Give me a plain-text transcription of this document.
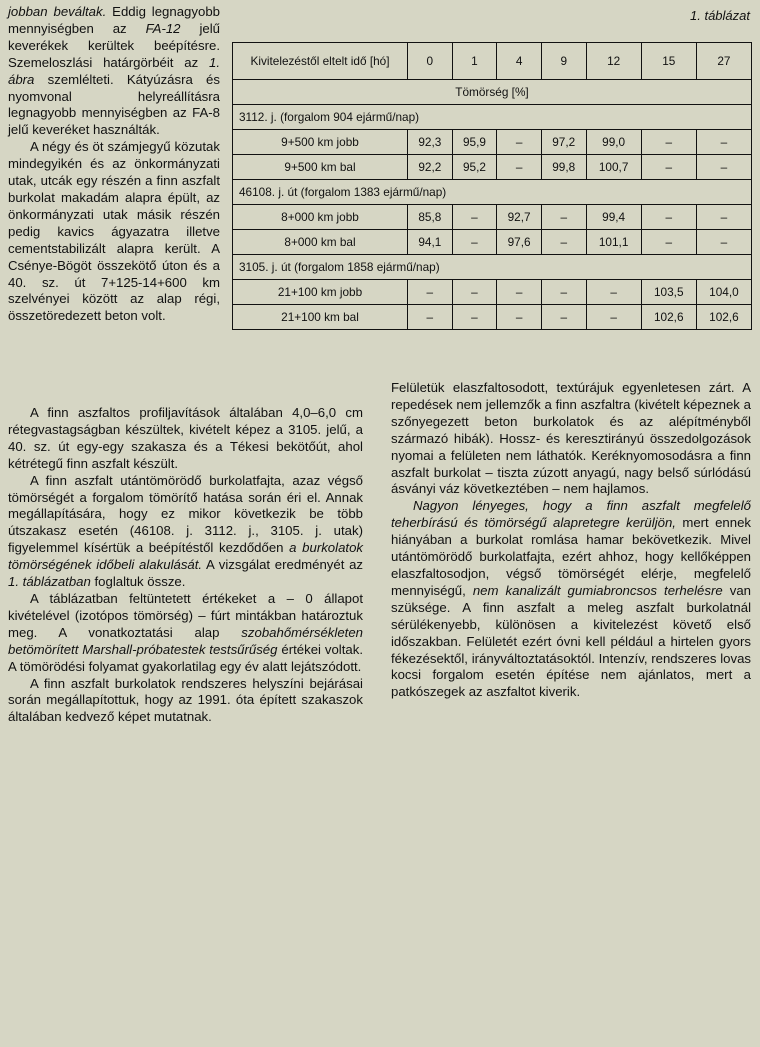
jobban beváltak. Eddig legnagyobb mennyiségben az FA-12 jelű keverékek kerültek beépítésre. Szemeloszlási határgörbéit az 1. ábra szemlélteti. Kátyúzásra és nyomvonal helyreállításra legnagyobb mennyiségben az FA-8 jelű keveréket használták.

A négy és öt számjegyű közutak mindegyikén és az önkormányzati utak, utcák egy részén a finn aszfalt burkolat makadám alapra épült, az önkormányzati utak másik részén pedig kavics ágyazatra illetve cementstabilizált alapra került. A Csénye-Bögöt összekötő úton és a 40. sz. út 7+125-14+600 km szelvényei között az alap régi, összetöredezett beton volt.

1. táblázat
Kivitelezéstől eltelt idő [hó]	0	1	4	9	12	15	27
Tömörség [%]							
3112. j. (forgalom 904 ejármű/nap)							
9+500 km jobb	92,3	95,9	–	97,2	99,0	–	–
9+500 km bal	92,2	95,2	–	99,8	100,7	–	–
46108. j. út (forgalom 1383 ejármű/nap)							
8+000 km jobb	85,8	–	92,7	–	99,4	–	–
8+000 km bal	94,1	–	97,6	–	101,1	–	–
3105. j. út (forgalom 1858 ejármű/nap)							
21+100 km jobb	–	–	–	–	–	103,5	104,0
21+100 km bal	–	–	–	–	–	102,6	102,6

A finn aszfaltos profiljavítások általában 4,0–6,0 cm rétegvastagságban készültek, kivételt képez a 3105. jelű, a 40. sz. út egy-egy szakasza és a Tékesi bekötőút, ahol kétrétegű finn aszfalt készült.

A finn aszfalt utántömörödő burkolatfajta, azaz végső tömörségét a forgalom tömörítő hatása során éri el. Annak megállapítására, hogy ez mikor következik be több útszakasz esetén (46108. j. 3112. j., 3105. j. utak) figyelemmel kísértük a beépítéstől kezdődően a burkolatok tömörségének időbeli alakulását. A vizsgálat eredményét az 1. táblázatban foglaltuk össze.

A táblázatban feltüntetett értékeket a – 0 állapot kivételével (izotópos tömörség) – fúrt mintákban határoztuk meg. A vonatkoztatási alap szobahőmérsékleten betömörített Marshall-próbatestek testsűrűség értékei voltak. A tömörödési folyamat gyakorlatilag egy év alatt lejátszódott.

A finn aszfalt burkolatok rendszeres helyszíni bejárásai során megállapítottuk, hogy az 1991. óta épített szakaszok általában kedvező képet mutatnak.

Felületük elaszfaltosodott, textúrájuk egyenletesen zárt. A repedések nem jellemzők a finn aszfaltra (kivételt képeznek a szőnyegezett beton burkolatok és az alépítményből származó hibák). Hossz- és keresztirányú összedolgozások nyomai a felületen nem láthatók. Keréknyomosodásra a finn aszfalt burkolat – tiszta zúzott anyagú, nagy belső súrlódású ásványi váz következtében – nem hajlamos.

Nagyon lényeges, hogy a finn aszfalt megfelelő teherbírású és tömörségű alapretegre kerüljön, mert ennek hiányában a burkolat romlása hamar bekövetkezik. Mivel utántömörödő burkolatfajta, ezért ahhoz, hogy kellőképpen elaszfaltosodjon, végső tömörségét elérje, megfelelő mennyiségű, nem kanalizált gumiabroncsos terhelésre van szüksége. A finn aszfalt a meleg aszfalt burkolatnál sérülékenyebb, különösen a kivitelezést követő első időszakban. Felületét ezért óvni kell például a hirtelen gyors fékezésektől, irányváltoztatásoktól. Intenzív, rendszeres lovas kocsi forgalom esetén építése nem ajánlatos, mert a patkószegek az aszfaltot kiverik.
